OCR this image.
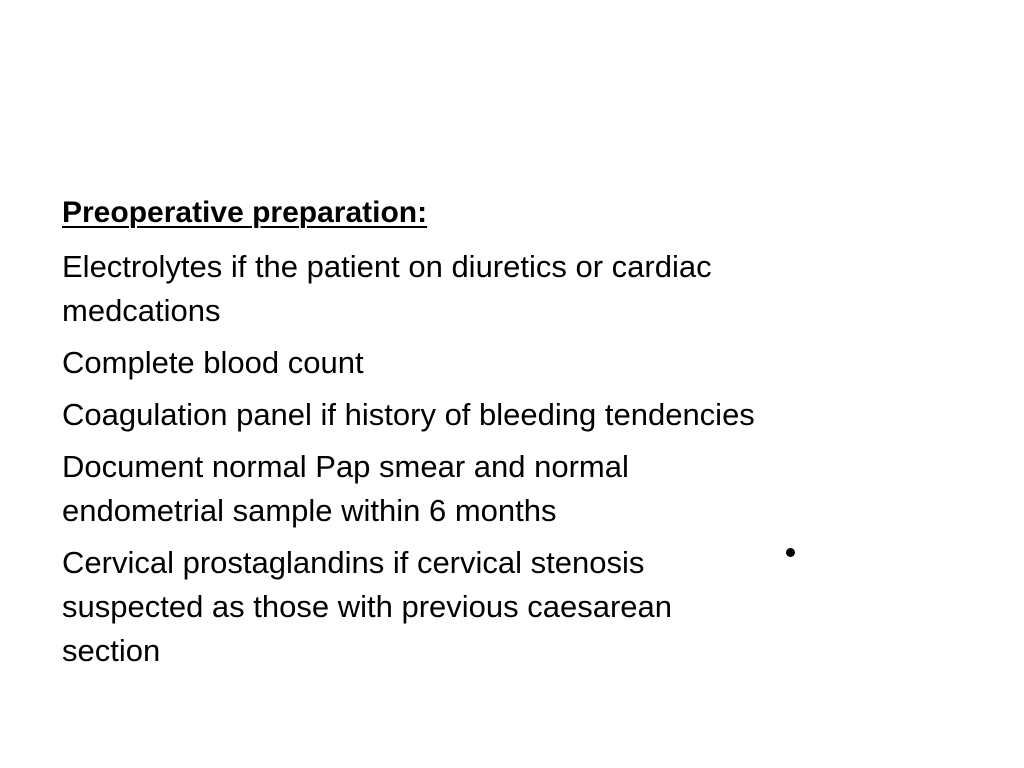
Preoperative preparation:
Electrolytes if the patient on diuretics or cardiac
medcations
Complete blood count
Coagulation panel if history of bleeding tendencies
Document normal Pap smear and normal
endometrial sample within 6 months
Cervical prostaglandins if cervical stenosis
suspected as those with previous caesarean
section
